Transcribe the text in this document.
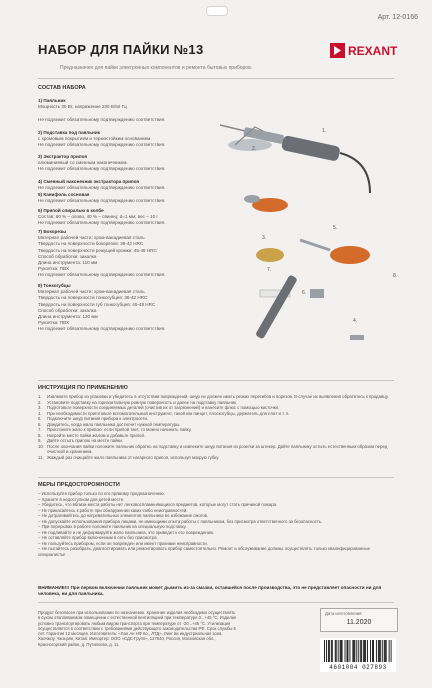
Арт. 12-0166
НАБОР ДЛЯ ПАЙКИ №13	REXANT
Предназначен для пайки электронных компонентов и ремонта бытовых приборов.
СОСТАВ НАБОРА
1) Паяльник
Мощность 30 Вт, напряжение 230 В/50 Гц

Не подлежит обязательному подтверждению соответствия.
2) Подставка под паяльник
с хромовым покрытием и термостойким основанием.
Не подлежит обязательному подтверждению соответствия.
3) Экстрактор припоя
алюминиевый со сменным наконечником.
Не подлежит обязательному подтверждению соответствия.
4) Сменный наконечник экстрактора припоя
Не подлежит обязательному подтверждению соответствия.
5) Канифоль сосновая
Не подлежит обязательному подтверждению соответствия.
6) Припой спиралью в колбе
Состав: 60 % – олово, 40 % – свинец; d=1 мм; вес – 10 г
Не подлежит обязательному подтверждению соответствия.
7) Бокорезы
Материал рабочей части: хром-ванадиевая сталь
Твердость на поверхности бокорезов: 38-42 HRC
Твердость на поверхности режущей кромки: 45-48 HRC
Способ обработки: закалка
Длина инструмента: 110 мм
Рукоятка: ПВХ
Не подлежит обязательному подтверждению соответствия.
8) Тонкогубцы
Материал рабочей части: хром-ванадиевая сталь
Твердость на поверхности тонкогубцев: 38-42 HRC
Твердость на поверхности губ тонкогубцев: 45-48 HRC
Способ обработки: закалка
Длина инструмента: 120 мм
Рукоятка: ПВХ
Не подлежит обязательному подтверждению соответствия.
1.
2.
3.
4.
5.
6.
7.
8.
ИНСТРУКЦИЯ ПО ПРИМЕНЕНИЮ
1.	Извлеките прибор из упаковки и убедитесь в отсутствии повреждений, шнур не должен иметь резких перегибов и порезов. В случае их выявления обратитесь к продавцу.
2.	Установите подставку на горизонтальную ровную поверхность и далее на подставку паяльник.
3.	Подготовьте поверхности соединяемых деталей (очистив их от загрязнений) и нанесите флюс с помощью кисточки.
4.	При необходимости приготовьте вспомогательный инструмент, такой как пинцет, плоскогубцы, держатель для плат и т. п.
5.	Подключите шнур питания прибора к электросети.
6.	Дождитесь, когда жало паяльника достигнет нужной температуры.
7.	Прислоните жало к припою: если припой тает, то можно начинать пайку.
8.	Нагрейте место пайки жалом и добавьте припой.
9.	Дайте остыть припою на месте пайки.
10. После окончания пайки положите паяльник обратно на подставку и извлеките шнур питания из розетки за штекер. Дайте паяльнику остыть естественным образом перед очисткой и хранением.
11. Жаждый раз очищайте жало паяльника от нагарного припоя, используя мокрую губку.
МЕРЫ ПРЕДОСТОРОЖНОСТИ
– Используйте прибор только по его прямому предназначению.
– Храните в недоступном для детей месте.
– Убедитесь, что вблизи места работы нет легковоспламеняющихся предметов, которые могут стать причиной пожара.
– Не прикасайтесь к работе при обнаружении каких-либо неисправностей.
– Не дотрагивайтесь до нагревательных элементов паяльника во избежание ожогов.
– Не допускайте использования прибора лицами, не имеющими опыта работы с паяльником, без присмотра ответственного за безопасность.
– При перерывах в работе положите паяльник на специальную подставку.
– Не подливайте и не деформируйте жало паяльника, это приведет к его повреждению.
– Не оставляйте прибор включенным в сеть без присмотра.
– Не пользуйтесь прибором, если он поврежден или имеет признаки неисправности.
– Не пытайтесь разобрать, диагностировать или ремонтировать прибор самостоятельно. Ремонт и обслуживание должны осуществлять только квалифицированные специалисты!
ВНИМАНИЕ!!! При первом включении паяльник может дымить из-за смазки, оставшейся после производства, это не представляет опасности ни для человека, ни для паяльника.
Продукт безопасен при использовании по назначению. Хранение изделия необходимо осуществлять в сухом отапливаемом помещении с естественной вентиляцией при температуре 0...+45 °С. Изделие условно транспортировать любым видом транспорта при температуре от -20...+45 °С. Утилизация осуществляется в соответствии с требованиями действующего законодательства РФ. Срок службы 5 лет. Гарантия 12 месяцев. Изготовитель: «Лан Ан НФ Ко., ЛТД», Линг ви индустриальная зона, Хаочжоу, Чжэцзян, Китай. Импортер: ООО «СДС-Групп», 127540, Россия, Московская обл., Красногорский район, д. Путилково, д. 11.
Дата изготовления:
11.2020
4601004 027893
